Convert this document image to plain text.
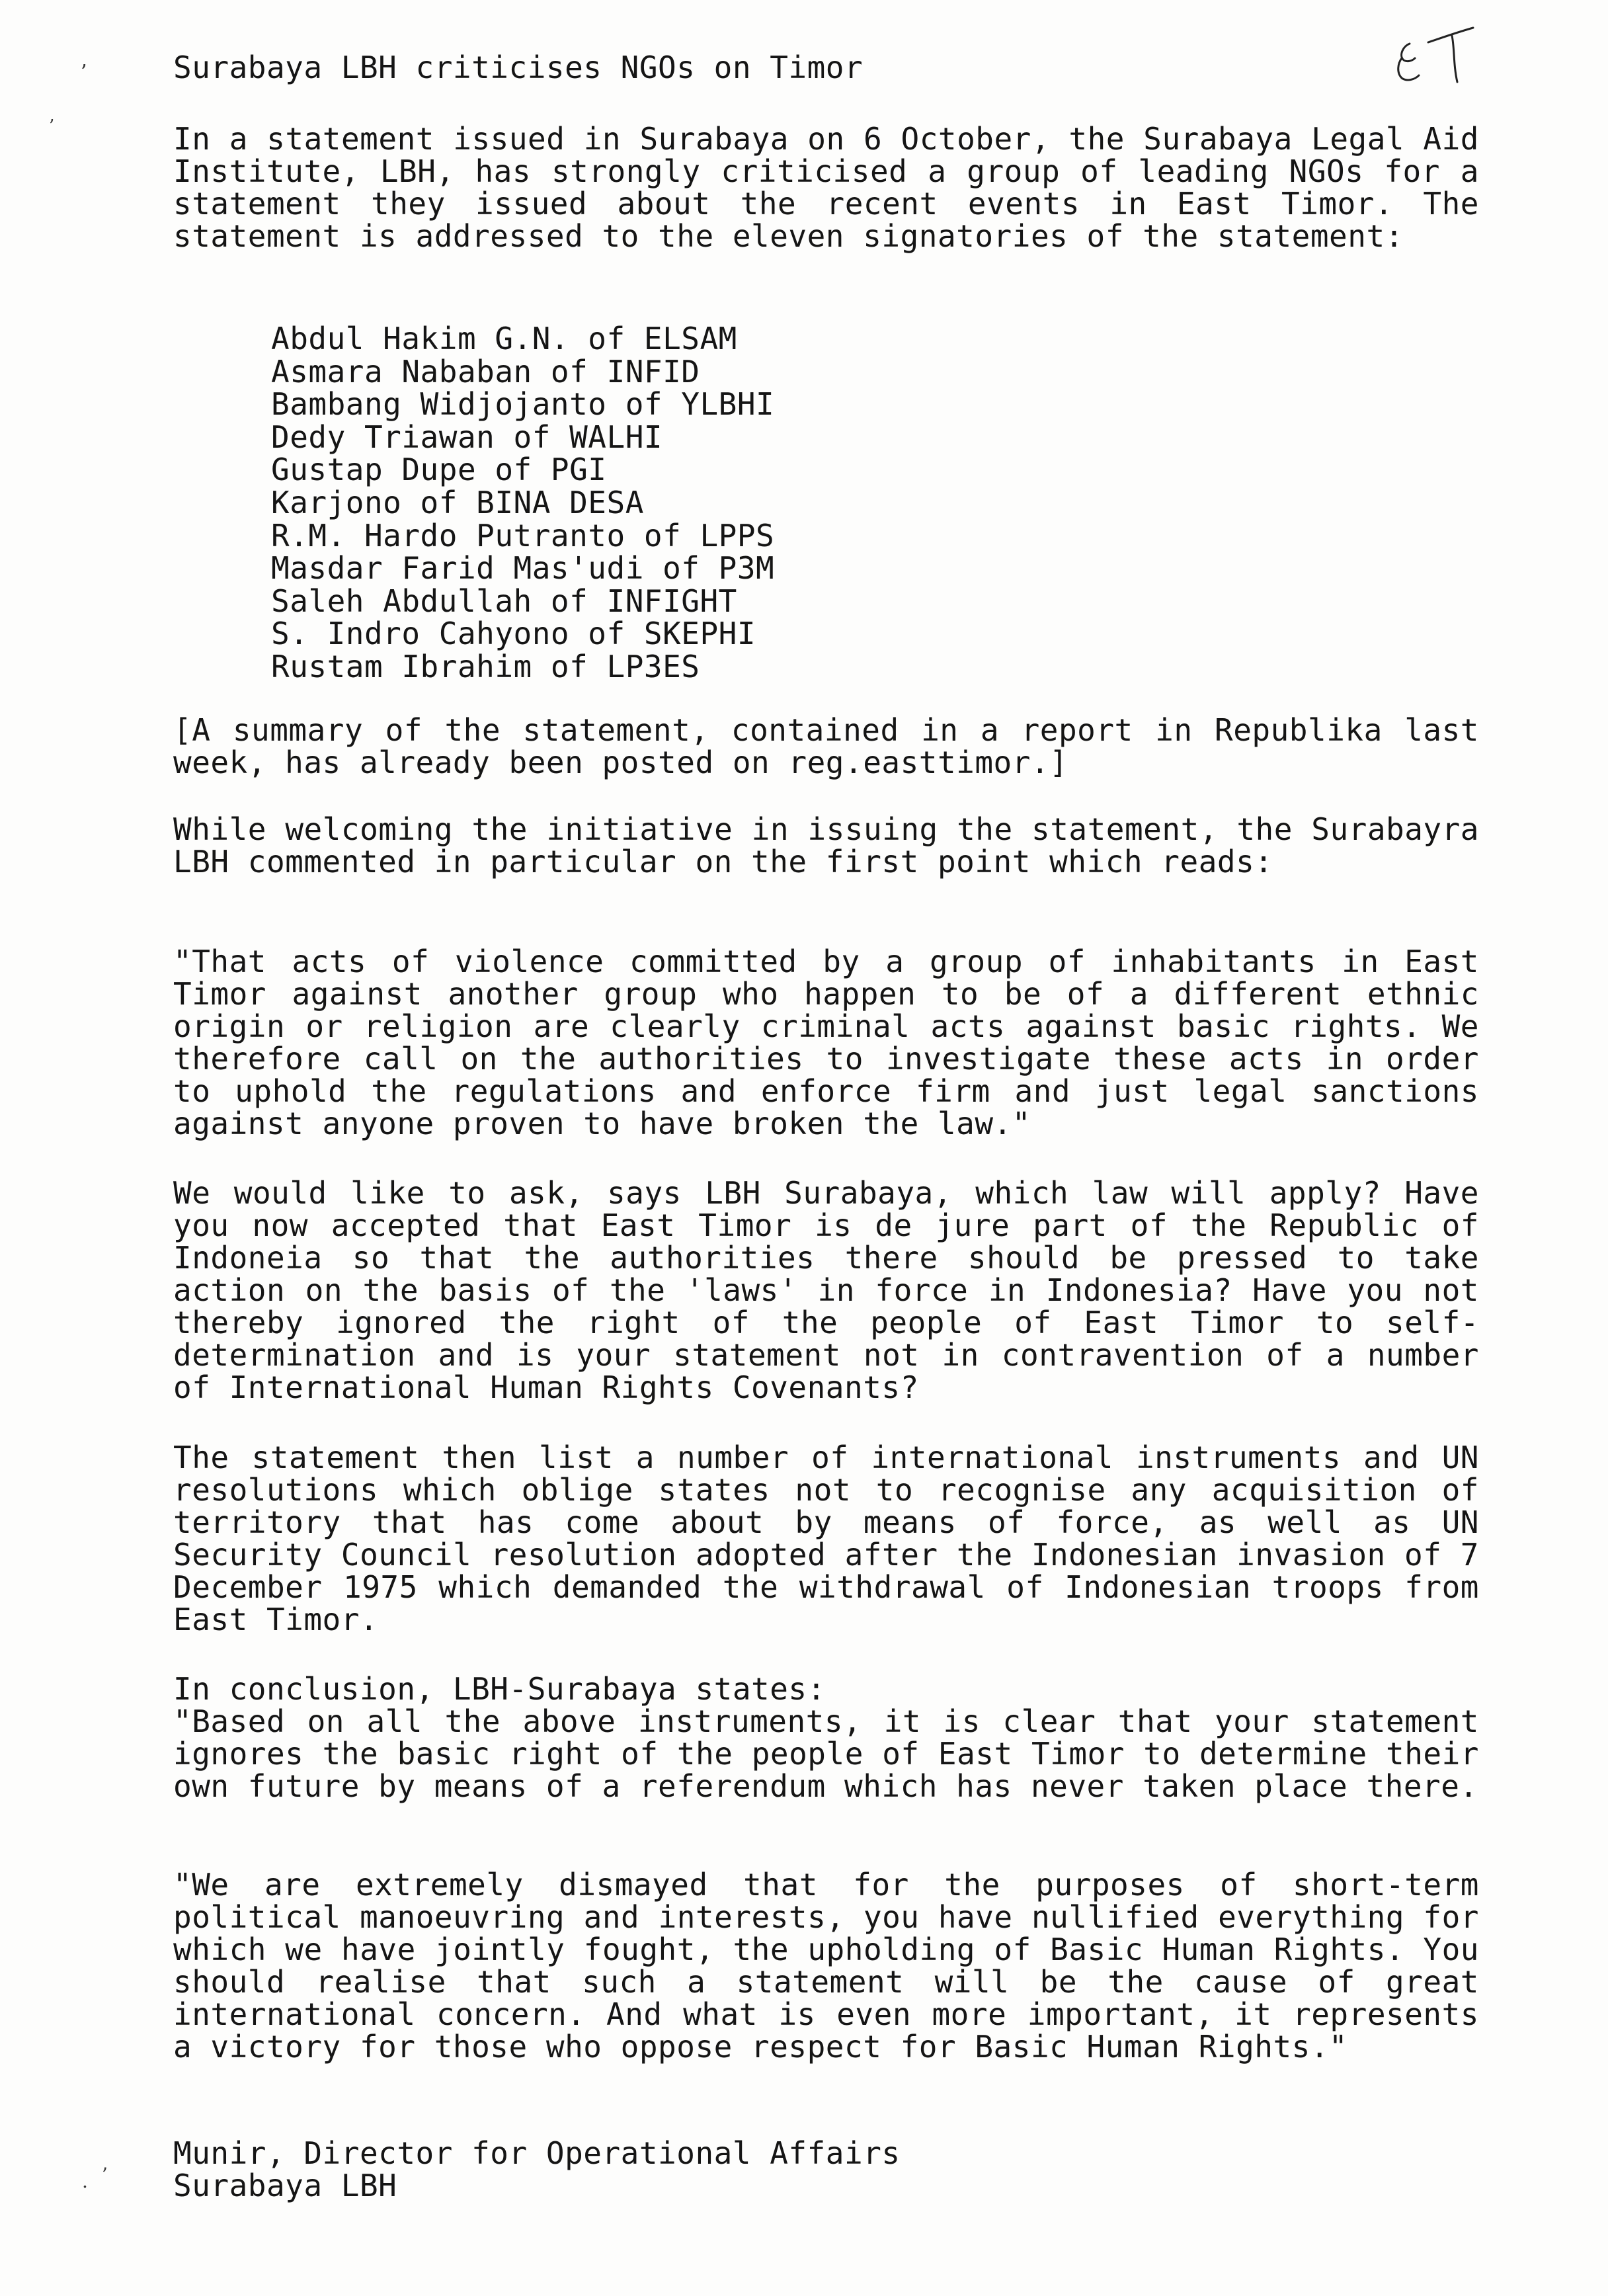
’
’
. ’
Surabaya LBH criticises NGOs on Timor

In a statement issued in Surabaya on 6 October, the Surabaya Legal Aid Institute, LBH, has strongly criticised a group of leading NGOs for a statement they issued about the recent events in East Timor. The statement is addressed to the eleven signatories of the statement:

Abdul Hakim G.N. of ELSAM
Asmara Nababan of INFID
Bambang Widjojanto of YLBHI
Dedy Triawan of WALHI
Gustap Dupe of PGI
Karjono of BINA DESA
R.M. Hardo Putranto of LPPS
Masdar Farid Mas'udi of P3M
Saleh Abdullah of INFIGHT
S. Indro Cahyono of SKEPHI
Rustam Ibrahim of LP3ES

[A summary of the statement, contained in a report in Republika last week, has already been posted on reg.easttimor.]

While welcoming the initiative in issuing the statement, the Surabayra LBH commented in particular on the first point which reads:

"That acts of violence committed by a group of inhabitants in East Timor against another group who happen to be of a different ethnic origin or religion are clearly criminal acts against basic rights. We therefore call on the authorities to investigate these acts in order to uphold the regulations and enforce firm and just legal sanctions against anyone proven to have broken the law."

We would like to ask, says LBH Surabaya, which law will apply? Have you now accepted that East Timor is de jure part of the Republic of Indoneia so that the authorities there should be pressed to take action on the basis of the 'laws' in force in Indonesia? Have you not thereby ignored the right of the people of East Timor to self-determination and is your statement not in contravention of a number of International Human Rights Covenants?

The statement then list a number of international instruments and UN resolutions which oblige states not to recognise any acquisition of territory that has come about by means of force, as well as UN Security Council resolution adopted after the Indonesian invasion of 7 December 1975 which demanded the withdrawal of Indonesian troops from East Timor.

In conclusion, LBH-Surabaya states:

"Based on all the above instruments, it is clear that your statement ignores the basic right of the people of East Timor to determine their own future by means of a referendum which has never taken place there.

"We are extremely dismayed that for the purposes of short-term political manoeuvring and interests, you have nullified everything for which we have jointly fought, the upholding of Basic Human Rights. You should realise that such a statement will be the cause of great international concern. And what is even more important, it represents a victory for those who oppose respect for Basic Human Rights."

Munir, Director for Operational Affairs
Surabaya LBH
